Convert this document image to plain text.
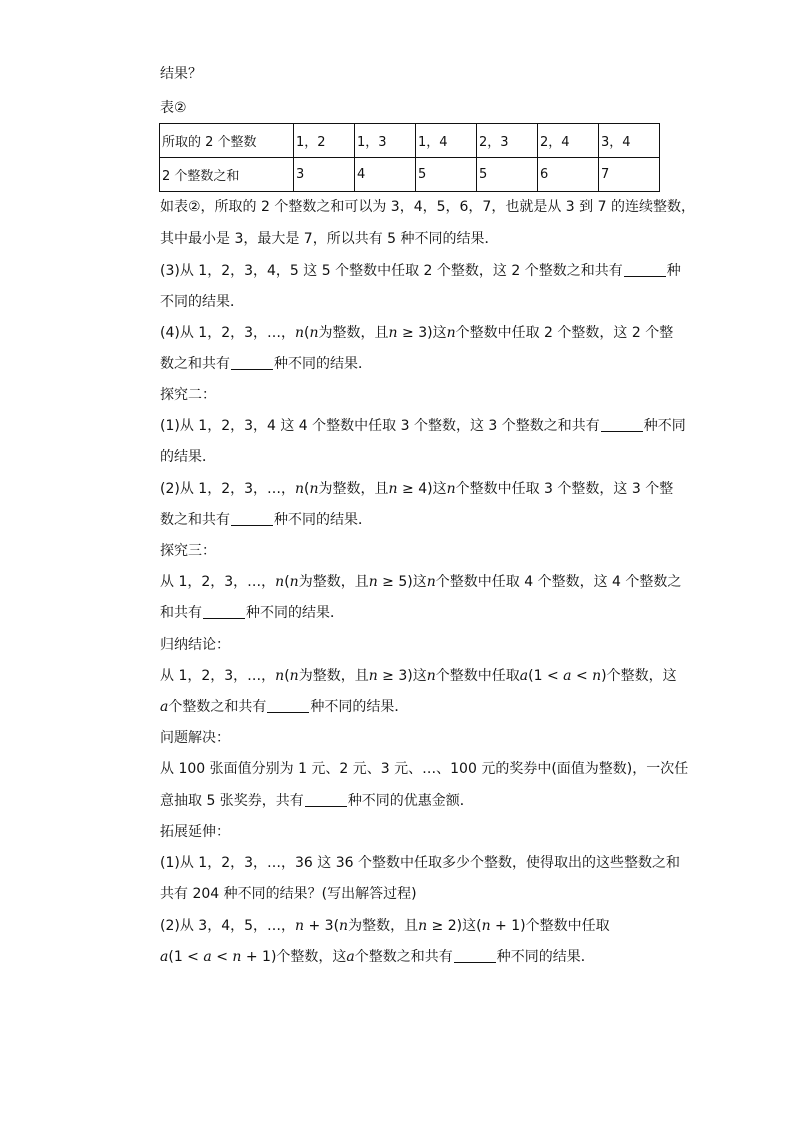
结果？
表②
所取的 2 个整数	1，2	1，3	1，4	2，3	2，4	3，4
2 个整数之和	3	4	5	5	6	7
如表②，所取的 2 个整数之和可以为 3，4，5，6，7，也就是从 3 到 7 的连续整数，
其中最小是 3，最大是 7，所以共有 5 种不同的结果．
(3)从 1，2，3，4，5 这 5 个整数中任取 2 个整数，这 2 个整数之和共有	种
不同的结果．
(4)从 1，2，3，…，n(n为整数，且n ≥ 3)这n个整数中任取 2 个整数，这 2 个整
数之和共有	种不同的结果．
探究二：
(1)从 1，2，3，4 这 4 个整数中任取 3 个整数，这 3 个整数之和共有	种不同
的结果．
(2)从 1，2，3，…，n(n为整数，且n ≥ 4)这n个整数中任取 3 个整数，这 3 个整
数之和共有	种不同的结果．
探究三：
从 1，2，3，…，n(n为整数，且n ≥ 5)这n个整数中任取 4 个整数，这 4 个整数之
和共有	种不同的结果．
归纳结论：
从 1，2，3，…，n(n为整数，且n ≥ 3)这n个整数中任取a(1 < a < n)个整数，这
a个整数之和共有	种不同的结果．
问题解决：
从 100 张面值分别为 1 元、2 元、3 元、…、100 元的奖券中(面值为整数)，一次任
意抽取 5 张奖券，共有	种不同的优惠金额．
拓展延伸：
(1)从 1，2，3，…，36 这 36 个整数中任取多少个整数，使得取出的这些整数之和
共有 204 种不同的结果？(写出解答过程)
(2)从 3，4，5，…，n + 3(n为整数，且n ≥ 2)这(n + 1)个整数中任取
a(1 < a < n + 1)个整数，这a个整数之和共有	种不同的结果．
